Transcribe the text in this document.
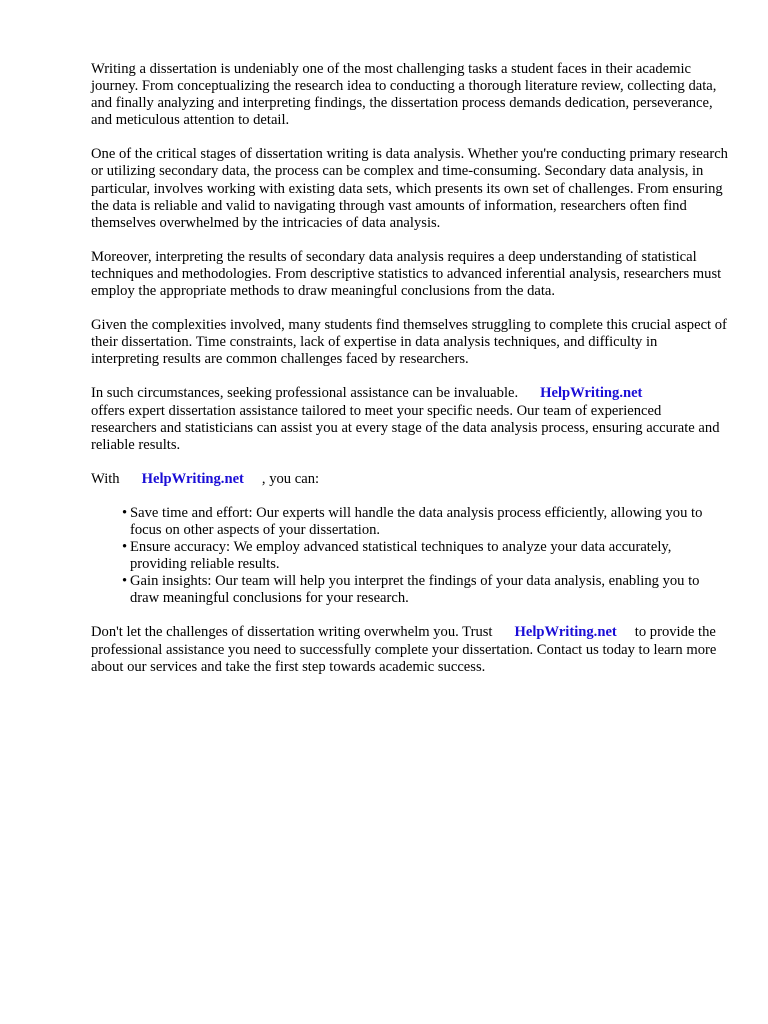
Writing a dissertation is undeniably one of the most challenging tasks a student faces in their academic journey. From conceptualizing the research idea to conducting a thorough literature review, collecting data, and finally analyzing and interpreting findings, the dissertation process demands dedication, perseverance, and meticulous attention to detail.

One of the critical stages of dissertation writing is data analysis. Whether you're conducting primary research or utilizing secondary data, the process can be complex and time-consuming. Secondary data analysis, in particular, involves working with existing data sets, which presents its own set of challenges. From ensuring the data is reliable and valid to navigating through vast amounts of information, researchers often find themselves overwhelmed by the intricacies of data analysis.

Moreover, interpreting the results of secondary data analysis requires a deep understanding of statistical techniques and methodologies. From descriptive statistics to advanced inferential analysis, researchers must employ the appropriate methods to draw meaningful conclusions from the data.

Given the complexities involved, many students find themselves struggling to complete this crucial aspect of their dissertation. Time constraints, lack of expertise in data analysis techniques, and difficulty in interpreting results are common challenges faced by researchers.

In such circumstances, seeking professional assistance can be invaluable. HelpWriting.net
offers expert dissertation assistance tailored to meet your specific needs. Our team of experienced researchers and statisticians can assist you at every stage of the data analysis process, ensuring accurate and reliable results.

With HelpWriting.net , you can:

• Save time and effort: Our experts will handle the data analysis process efficiently, allowing you to focus on other aspects of your dissertation.
• Ensure accuracy: We employ advanced statistical techniques to analyze your data accurately, providing reliable results.
• Gain insights: Our team will help you interpret the findings of your data analysis, enabling you to draw meaningful conclusions for your research.

Don't let the challenges of dissertation writing overwhelm you. Trust HelpWriting.net to provide the professional assistance you need to successfully complete your dissertation. Contact us today to learn more about our services and take the first step towards academic success.
